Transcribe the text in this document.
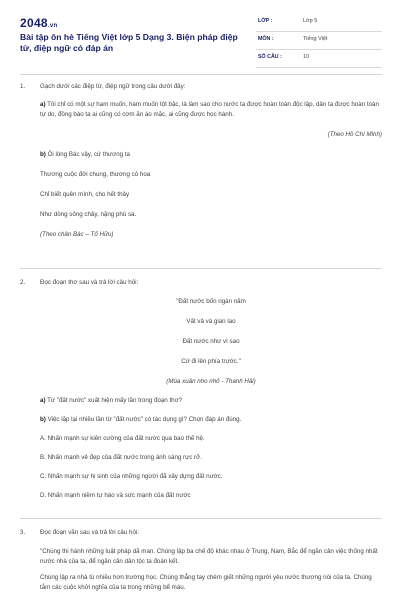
2048.vn
Bài tập ôn hè Tiếng Việt lớp 5 Dạng 3. Biện pháp điệp từ, điệp ngữ có đáp án
LỚP :	Lớp 5
MÔN :	Tiếng Việt
SỐ CÂU :	10
1.	Gạch dưới các điệp từ, điệp ngữ trong câu dưới đây:
a) Tôi chỉ có một sự ham muốn, ham muốn tột bậc, là làm sao cho nước ta được hoàn toàn độc lập, dân ta được hoàn toàn tự do, đồng bào ta ai cũng có cơm ăn áo mặc, ai cũng được học hành.
(Theo Hồ Chí Minh)
b) Ôi lòng Bác vậy, cứ thương ta
Thương cuộc đời chung, thương cỏ hoa
Chỉ biết quên mình, cho hết thảy
Như dòng sông chảy, nặng phù sa.
(Theo chân Bác – Tố Hữu)
2.	Đọc đoạn thơ sau và trả lời câu hỏi:
"Đất nước bốn ngàn năm
Vất vả và gian lao
Đất nước như vì sao
Cứ đi lên phía trước."
(Mùa xuân nho nhỏ - Thanh Hải)
a) Từ "đất nước" xuất hiện mấy lần trong đoạn thơ?
b) Việc lặp lại nhiều lần từ "đất nước" có tác dụng gì? Chọn đáp án đúng.
A. Nhấn mạnh sự kiên cường của đất nước qua bao thế hệ.
B. Nhấn mạnh vẻ đẹp của đất nước trong ánh sáng rực rỡ.
C. Nhấn mạnh sự hi sinh của những người đã xây dựng đất nước.
D. Nhấn mạnh niềm tự hào và sức mạnh của đất nước
3.	Đọc đoạn văn sau và trả lời câu hỏi:
"Chúng thi hành những luật pháp dã man. Chúng lập ba chế độ khác nhau ở Trung, Nam, Bắc để ngăn cản việc thống nhất nước nhà của ta, để ngăn cản dân tộc ta đoàn kết.
Chúng lập ra nhà tù nhiều hơn trường học. Chúng thẳng tay chém giết những người yêu nước thương nòi của ta. Chúng tắm các cuộc khởi nghĩa của ta trong những bể máu.
